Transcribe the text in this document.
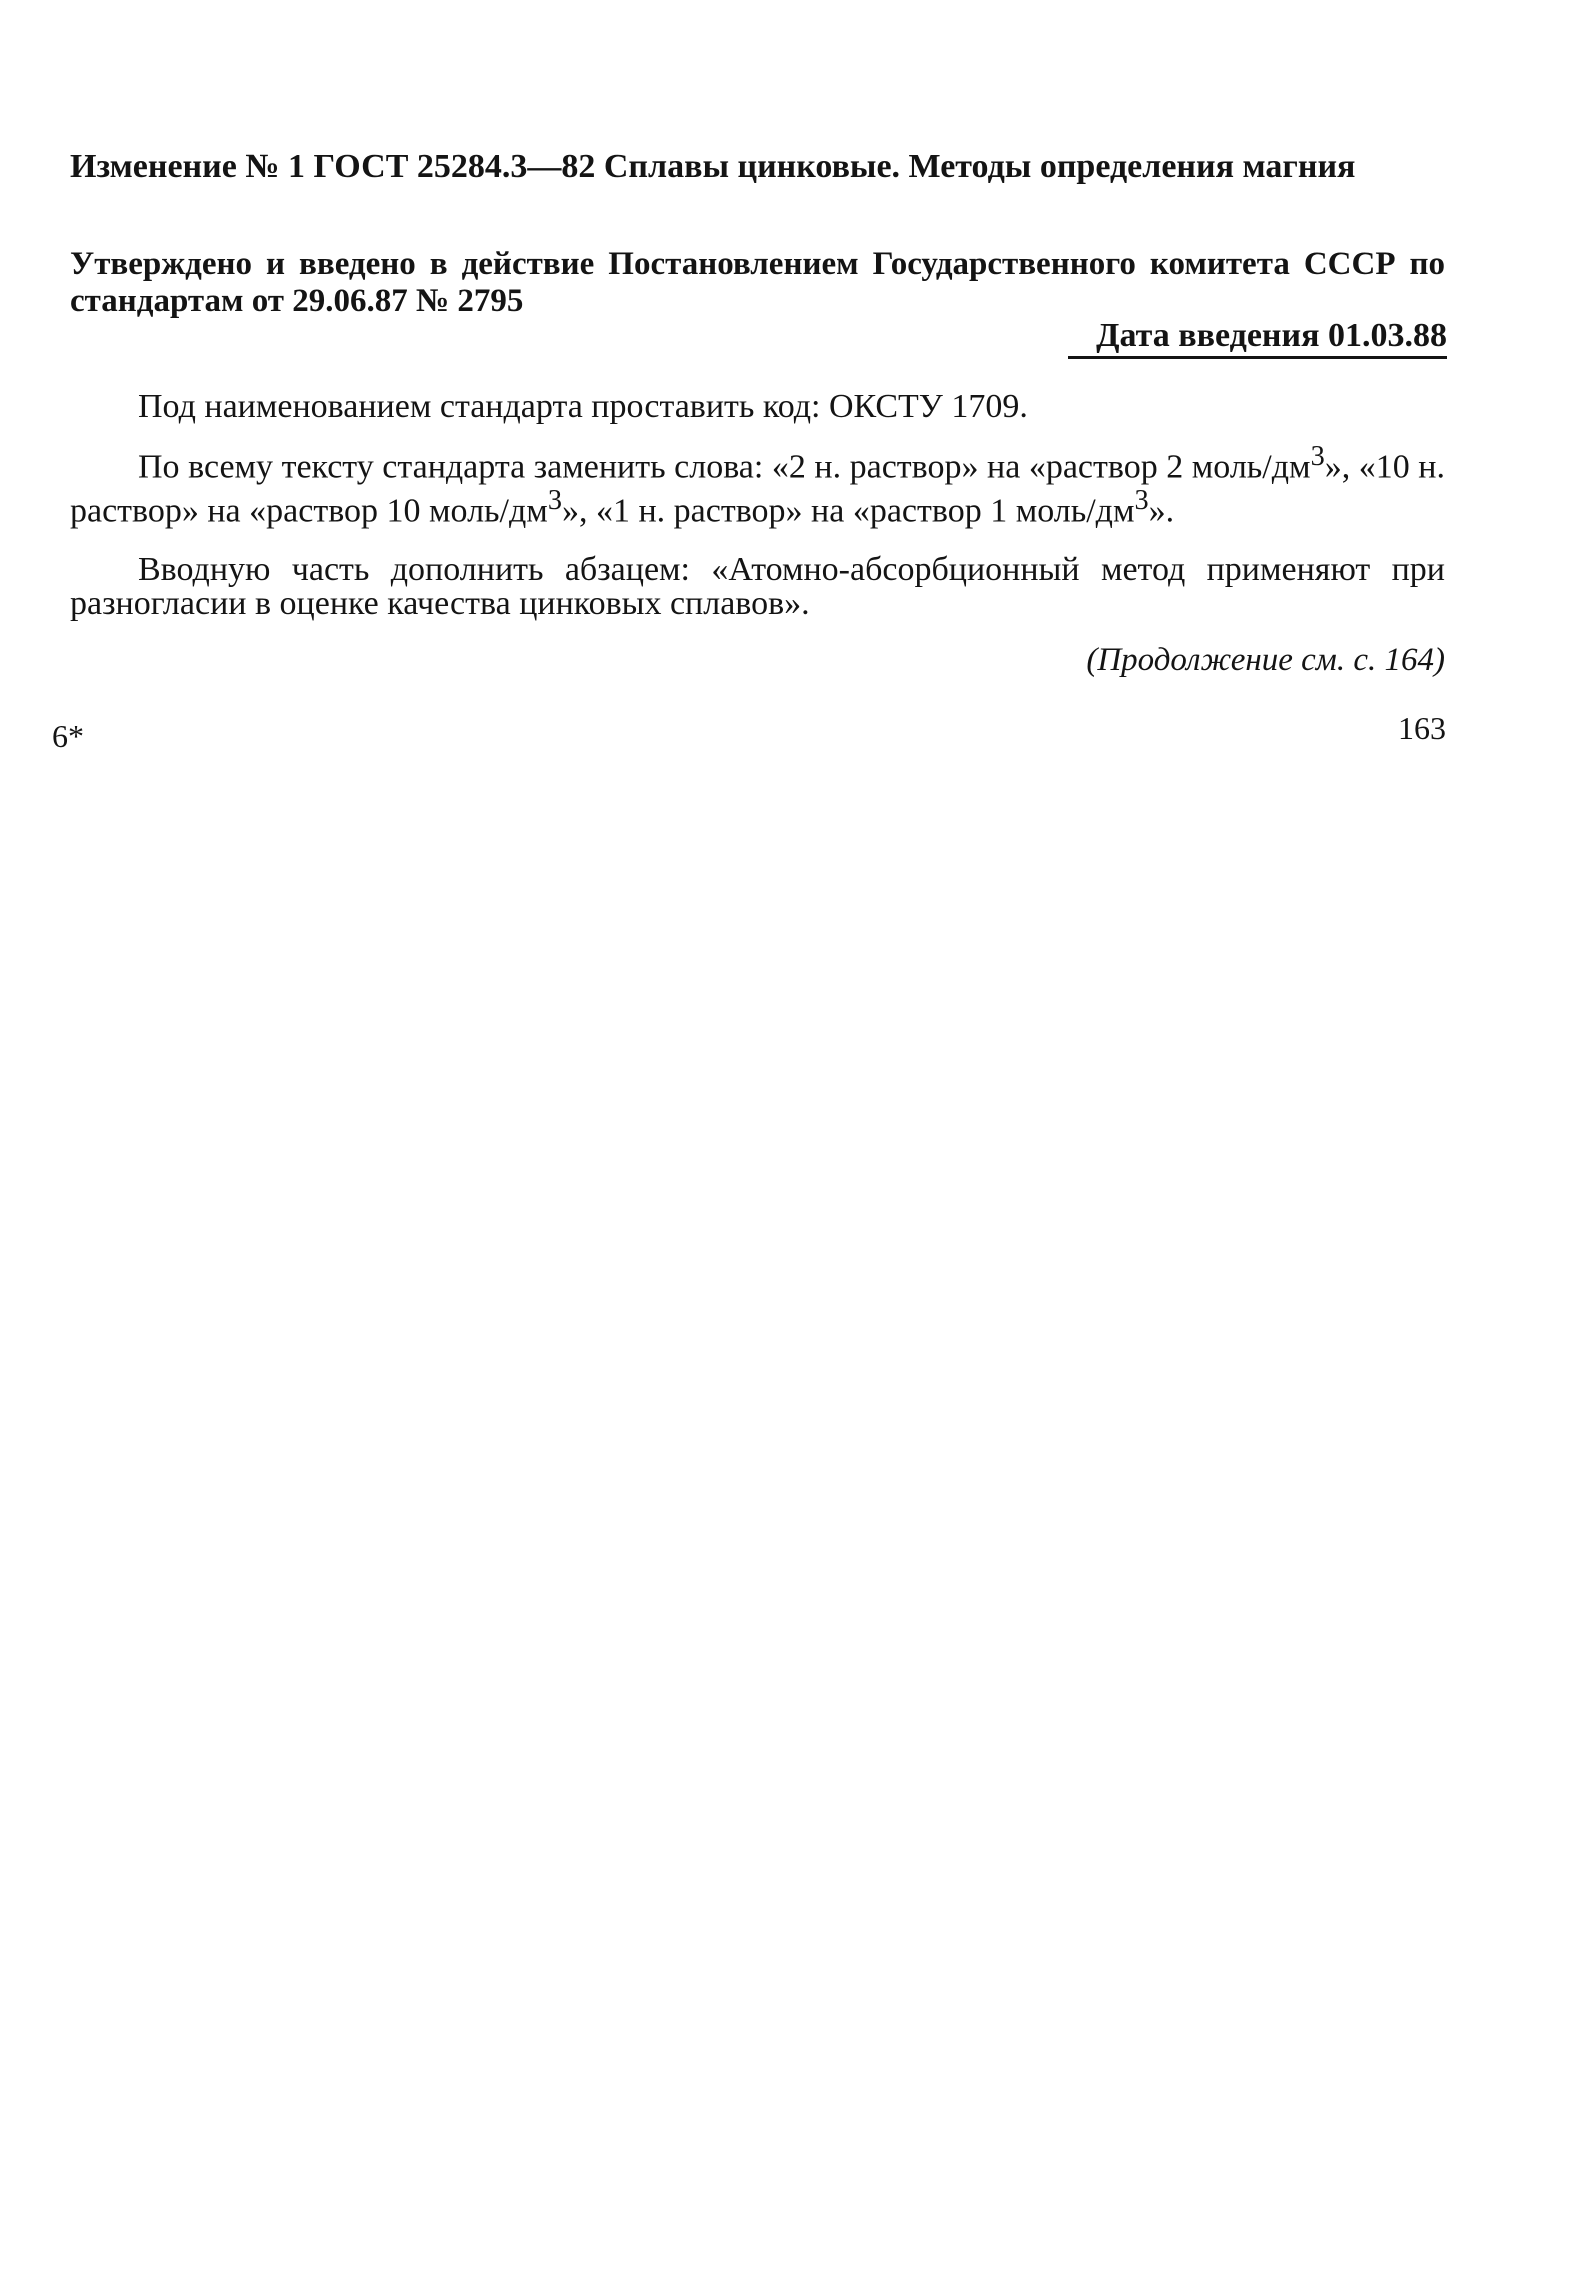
Изменение № 1 ГОСТ 25284.3—82 Сплавы цинковые. Методы определения магния
Утверждено и введено в действие Постановлением Государственного комитета СССР по стандартам от 29.06.87 № 2795
Дата введения 01.03.88
Под наименованием стандарта проставить код: ОКСТУ 1709.
По всему тексту стандарта заменить слова: «2 н. раствор» на «раствор 2 моль/$дм^3$», «10 н. раствор» на «раствор 10 моль/$дм^3$», «1 н. раствор» на «раствор 1 моль/$дм^3$».
Вводную часть дополнить абзацем: «Атомно-абсорбционный метод применяют при разногласии в оценке качества цинковых сплавов».
(Продолжение см. с. 164)
163
6*
